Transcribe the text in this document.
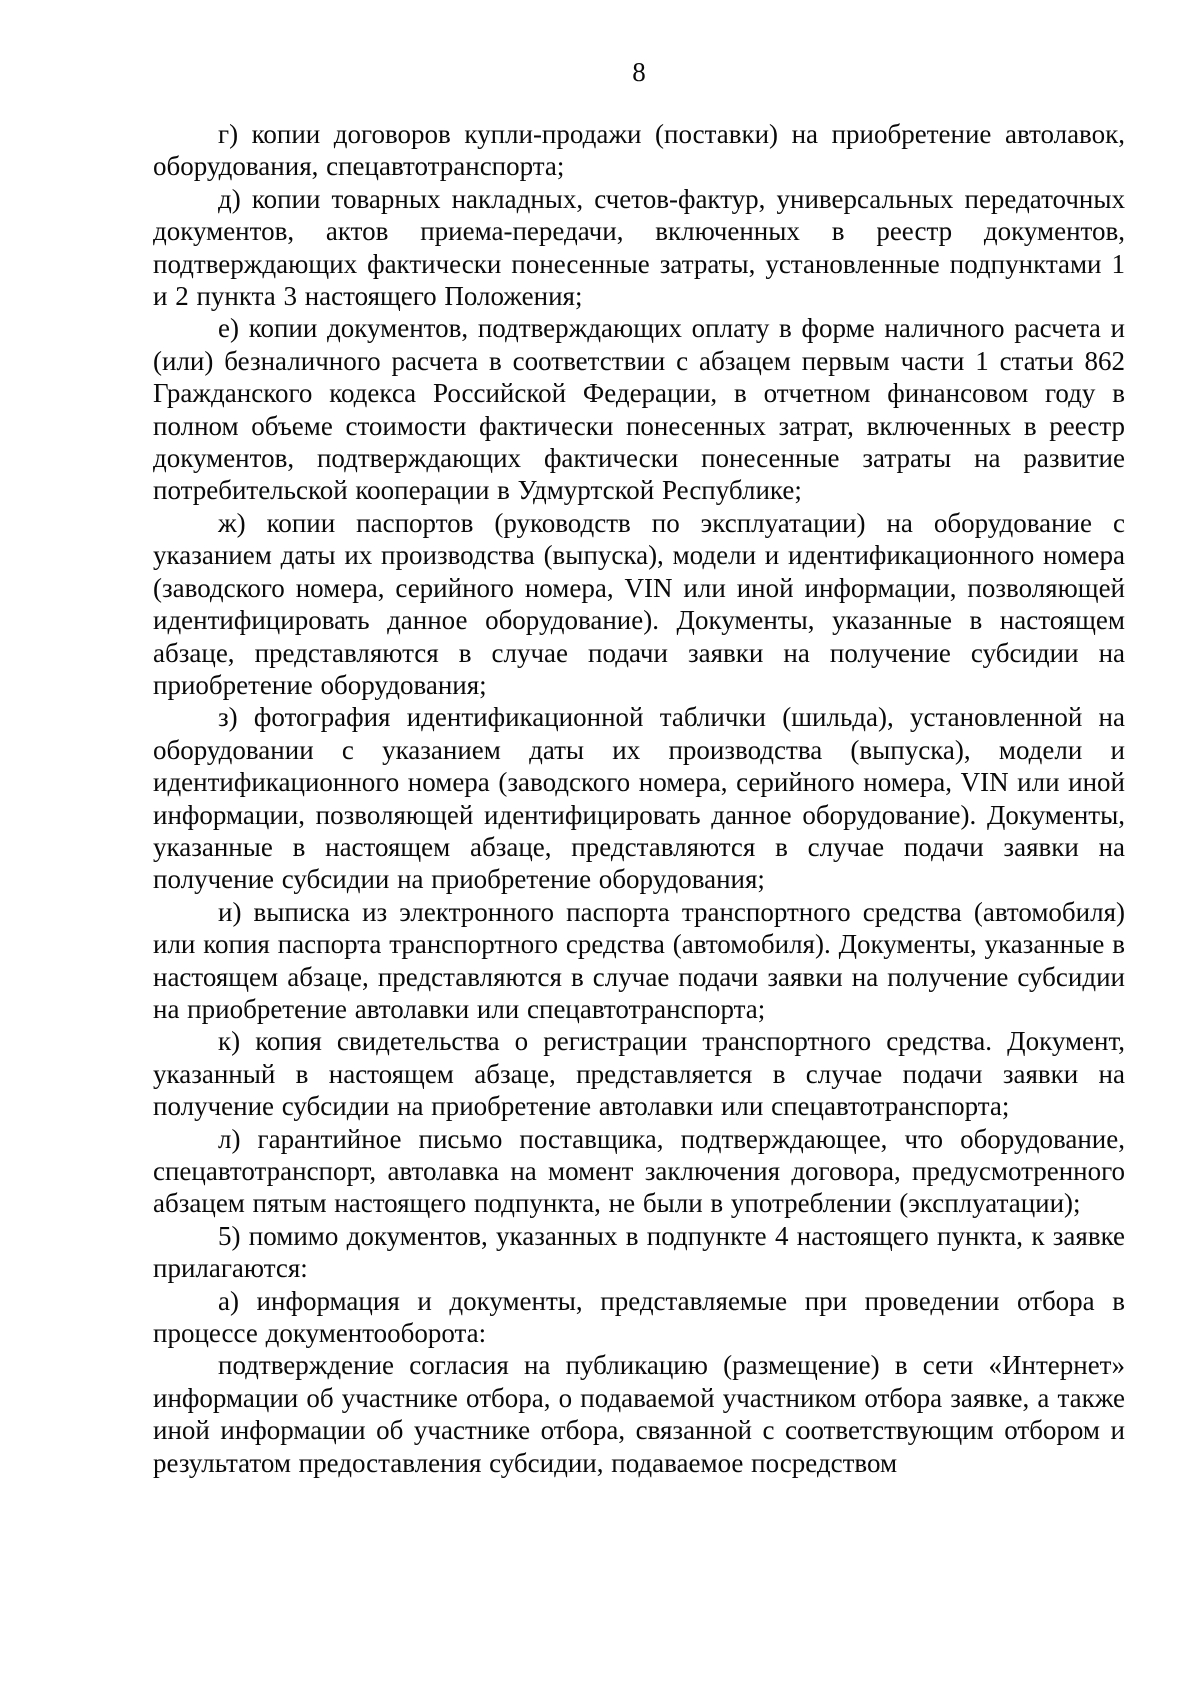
8

г) копии договоров купли-продажи (поставки) на приобретение автолавок, оборудования, спецавтотранспорта;

д) копии товарных накладных, счетов-фактур, универсальных передаточных документов, актов приема-передачи, включенных в реестр документов, подтверждающих фактически понесенные затраты, установленные подпунктами 1 и 2 пункта 3 настоящего Положения;

е) копии документов, подтверждающих оплату в форме наличного расчета и (или) безналичного расчета в соответствии с абзацем первым части 1 статьи 862 Гражданского кодекса Российской Федерации, в отчетном финансовом году в полном объеме стоимости фактически понесенных затрат, включенных в реестр документов, подтверждающих фактически понесенные затраты на развитие потребительской кооперации в Удмуртской Республике;

ж) копии паспортов (руководств по эксплуатации) на оборудование с указанием даты их производства (выпуска), модели и идентификационного номера (заводского номера, серийного номера, VIN или иной информации, позволяющей идентифицировать данное оборудование). Документы, указанные в настоящем абзаце, представляются в случае подачи заявки на получение субсидии на приобретение оборудования;

з) фотография идентификационной таблички (шильда), установленной на оборудовании с указанием даты их производства (выпуска), модели и идентификационного номера (заводского номера, серийного номера, VIN или иной информации, позволяющей идентифицировать данное оборудование). Документы, указанные в настоящем абзаце, представляются в случае подачи заявки на получение субсидии на приобретение оборудования;

и) выписка из электронного паспорта транспортного средства (автомобиля) или копия паспорта транспортного средства (автомобиля). Документы, указанные в настоящем абзаце, представляются в случае подачи заявки на получение субсидии на приобретение автолавки или спецавтотранспорта;

к) копия свидетельства о регистрации транспортного средства. Документ, указанный в настоящем абзаце, представляется в случае подачи заявки на получение субсидии на приобретение автолавки или спецавтотранспорта;

л) гарантийное письмо поставщика, подтверждающее, что оборудование, спецавтотранспорт, автолавка на момент заключения договора, предусмотренного абзацем пятым настоящего подпункта, не были в употреблении (эксплуатации);

5) помимо документов, указанных в подпункте 4 настоящего пункта, к заявке прилагаются:

а) информация и документы, представляемые при проведении отбора в процессе документооборота:

подтверждение согласия на публикацию (размещение) в сети «Интернет» информации об участнике отбора, о подаваемой участником отбора заявке, а также иной информации об участнике отбора, связанной с соответствующим отбором и результатом предоставления субсидии, подаваемое посредством
